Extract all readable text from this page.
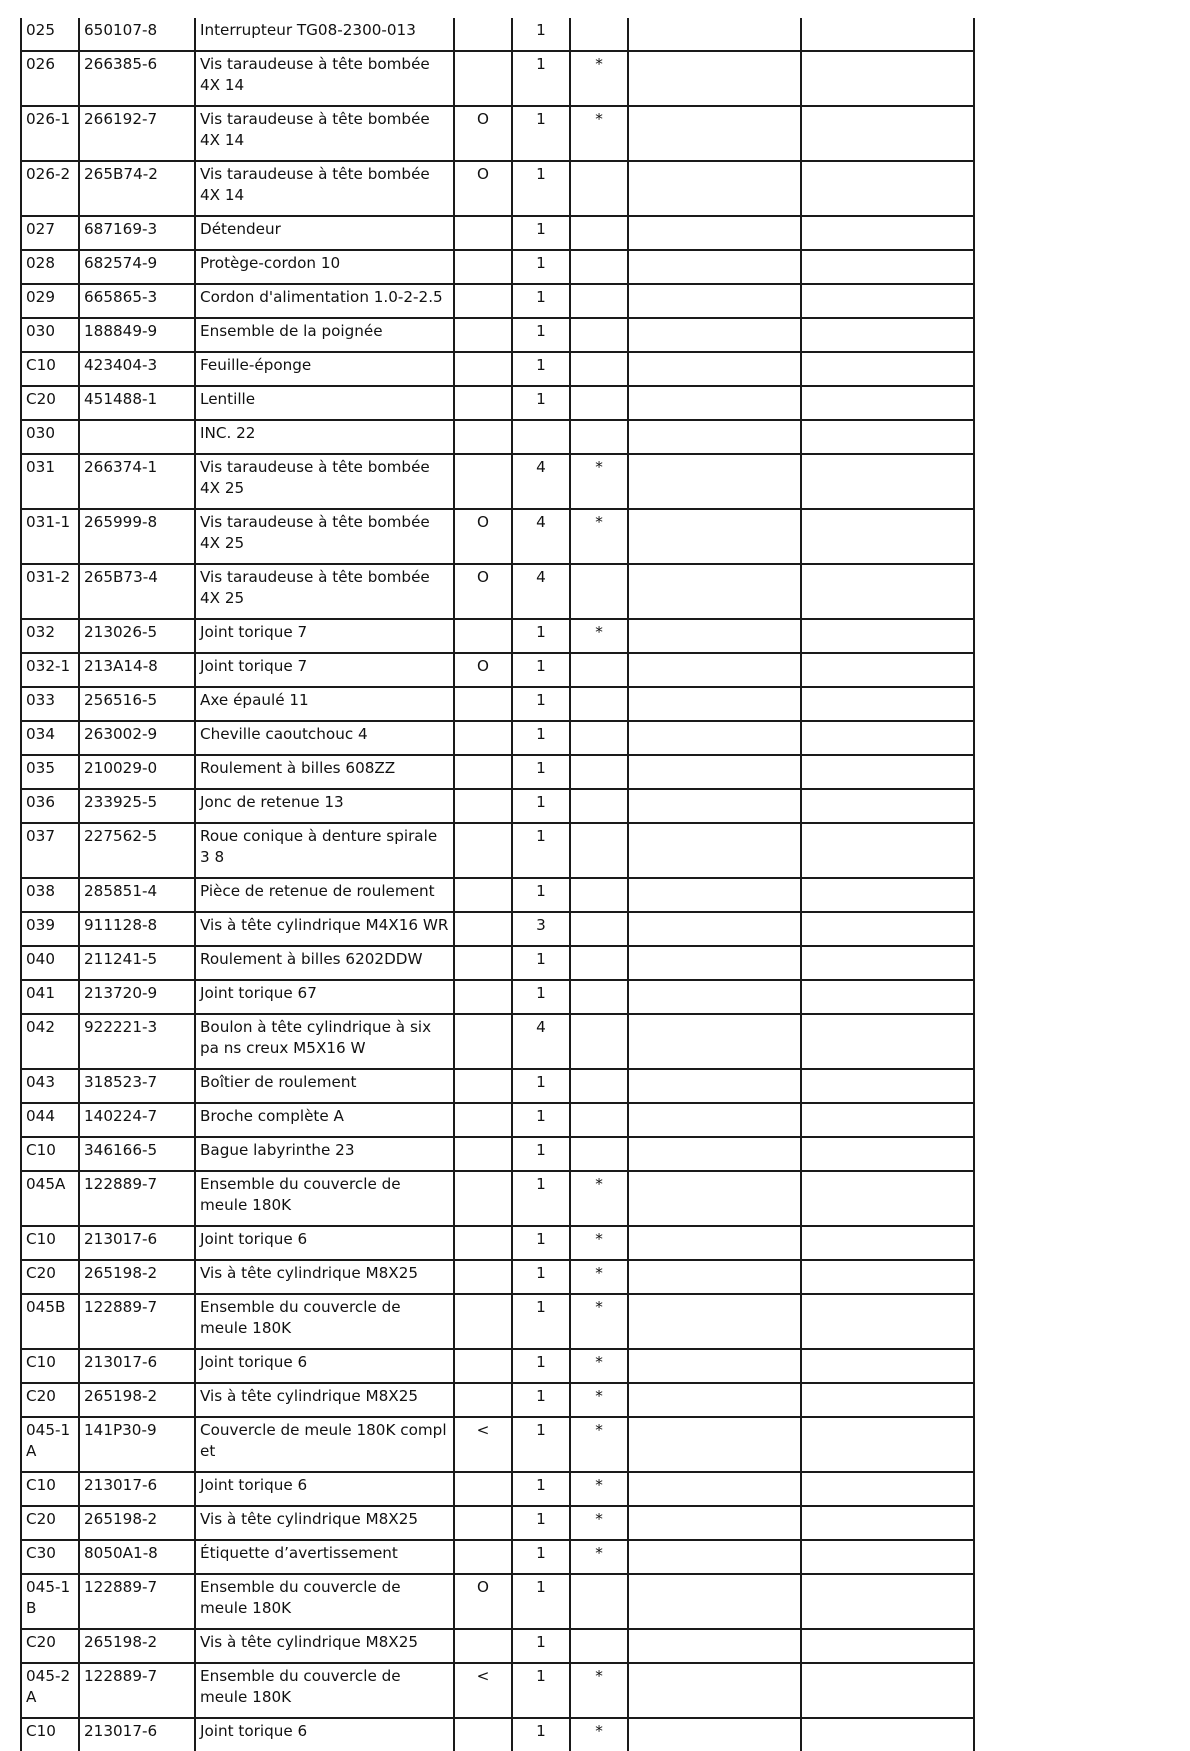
025	650107-8	Interrupteur TG08-2300-013		1			
026	266385-6	Vis taraudeuse à tête bombée 4X 14		1	*		
026-1	266192-7	Vis taraudeuse à tête bombée 4X 14	O	1	*		
026-2	265B74-2	Vis taraudeuse à tête bombée 4X 14	O	1			
027	687169-3	Détendeur		1			
028	682574-9	Protège-cordon 10		1			
029	665865-3	Cordon d'alimentation 1.0-2-2.5		1			
030	188849-9	Ensemble de la poignée		1			
C10	423404-3	Feuille-éponge		1			
C20	451488-1	Lentille		1			
030		INC. 22					
031	266374-1	Vis taraudeuse à tête bombée 4X 25		4	*		
031-1	265999-8	Vis taraudeuse à tête bombée 4X 25	O	4	*		
031-2	265B73-4	Vis taraudeuse à tête bombée 4X 25	O	4			
032	213026-5	Joint torique 7		1	*		
032-1	213A14-8	Joint torique 7	O	1			
033	256516-5	Axe épaulé 11		1			
034	263002-9	Cheville caoutchouc 4		1			
035	210029-0	Roulement à billes 608ZZ		1			
036	233925-5	Jonc de retenue 13		1			
037	227562-5	Roue conique à denture spirale 3 8		1			
038	285851-4	Pièce de retenue de roulement		1			
039	911128-8	Vis à tête cylindrique M4X16 WR		3			
040	211241-5	Roulement à billes 6202DDW		1			
041	213720-9	Joint torique 67		1			
042	922221-3	Boulon à tête cylindrique à six pa ns creux M5X16 W		4			
043	318523-7	Boîtier de roulement		1			
044	140224-7	Broche complète A		1			
C10	346166-5	Bague labyrinthe 23		1			
045A	122889-7	Ensemble du couvercle de meule 180K		1	*		
C10	213017-6	Joint torique 6		1	*		
C20	265198-2	Vis à tête cylindrique M8X25		1	*		
045B	122889-7	Ensemble du couvercle de meule 180K		1	*		
C10	213017-6	Joint torique 6		1	*		
C20	265198-2	Vis à tête cylindrique M8X25		1	*		
045-1 A	141P30-9	Couvercle de meule 180K compl et	<	1	*		
C10	213017-6	Joint torique 6		1	*		
C20	265198-2	Vis à tête cylindrique M8X25		1	*		
C30	8050A1-8	Étiquette d’avertissement		1	*		
045-1 B	122889-7	Ensemble du couvercle de meule 180K	O	1			
C20	265198-2	Vis à tête cylindrique M8X25		1			
045-2 A	122889-7	Ensemble du couvercle de meule 180K	<	1	*		
C10	213017-6	Joint torique 6		1	*		
